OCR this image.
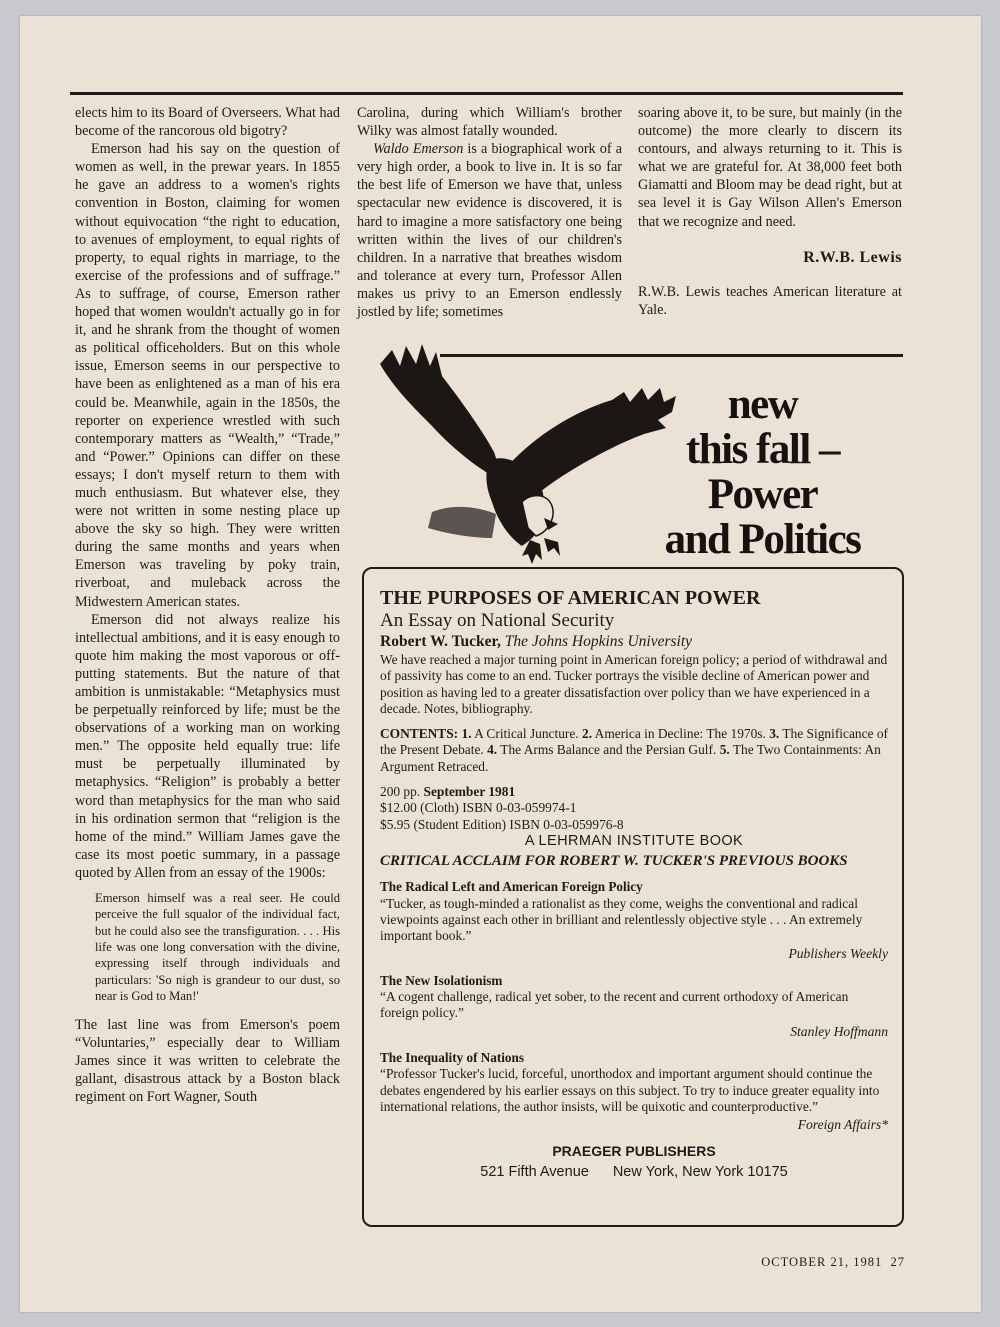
elects him to its Board of Overseers. What had become of the rancorous old bigotry?

Emerson had his say on the question of women as well, in the prewar years. In 1855 he gave an address to a women's rights convention in Boston, claiming for women without equivocation “the right to education, to avenues of employment, to equal rights of property, to equal rights in marriage, to the exercise of the professions and of suffrage.” As to suffrage, of course, Emerson rather hoped that women wouldn't actually go in for it, and he shrank from the thought of women as political officeholders. But on this whole issue, Emerson seems in our perspective to have been as enlightened as a man of his era could be. Meanwhile, again in the 1850s, the reporter on experience wrestled with such contemporary matters as “Wealth,” “Trade,” and “Power.” Opinions can differ on these essays; I don't myself return to them with much enthusiasm. But whatever else, they were not written in some nesting place up above the sky so high. They were written during the same months and years when Emerson was traveling by poky train, riverboat, and muleback across the Midwestern American states.

Emerson did not always realize his intellectual ambitions, and it is easy enough to quote him making the most vaporous or off-putting statements. But the nature of that ambition is unmistakable: “Metaphysics must be perpetually reinforced by life; must be the observations of a working man on working men.” The opposite held equally true: life must be perpetually illuminated by metaphysics. “Religion” is probably a better word than metaphysics for the man who said in his ordination sermon that “religion is the home of the mind.” William James gave the case its most poetic summary, in a passage quoted by Allen from an essay of the 1900s:

Emerson himself was a real seer. He could perceive the full squalor of the individual fact, but he could also see the transfiguration. . . . His life was one long conversation with the divine, expressing itself through individuals and particulars: 'So nigh is grandeur to our dust, so near is God to Man!'

The last line was from Emerson's poem “Voluntaries,” especially dear to William James since it was written to celebrate the gallant, disastrous attack by a Boston black regiment on Fort Wagner, South

Carolina, during which William's brother Wilky was almost fatally wounded.

Waldo Emerson is a biographical work of a very high order, a book to live in. It is so far the best life of Emerson we have that, unless spectacular new evidence is discovered, it is hard to imagine a more satisfactory one being written within the lives of our children's children. In a narrative that breathes wisdom and tolerance at every turn, Professor Allen makes us privy to an Emerson endlessly jostled by life; sometimes

soaring above it, to be sure, but mainly (in the outcome) the more clearly to discern its contours, and always returning to it. This is what we are grateful for. At 38,000 feet both Giamatti and Bloom may be dead right, but at sea level it is Gay Wilson Allen's Emerson that we recognize and need.

R.W.B. Lewis

R.W.B. Lewis teaches American literature at Yale.

new
this fall –
Power
and Politics

THE PURPOSES OF AMERICAN POWER

An Essay on National Security

Robert W. Tucker, The Johns Hopkins University

We have reached a major turning point in American foreign policy; a period of withdrawal and of passivity has come to an end. Tucker portrays the visible decline of American power and position as having led to a greater dissatisfaction over policy than we have experienced in a decade. Notes, bibliography.

CONTENTS: 1. A Critical Juncture. 2. America in Decline: The 1970s. 3. The Significance of the Present Debate. 4. The Arms Balance and the Persian Gulf. 5. The Two Containments: An Argument Retraced.

200 pp. September 1981

$12.00 (Cloth) ISBN 0-03-059974-1

$5.95 (Student Edition) ISBN 0-03-059976-8

A LEHRMAN INSTITUTE BOOK

CRITICAL ACCLAIM FOR ROBERT W. TUCKER'S PREVIOUS BOOKS

The Radical Left and American Foreign Policy

“Tucker, as tough-minded a rationalist as they come, weighs the conventional and radical viewpoints against each other in brilliant and relentlessly objective style . . . An extremely important book.”

Publishers Weekly

The New Isolationism

“A cogent challenge, radical yet sober, to the recent and current orthodoxy of American foreign policy.”

Stanley Hoffmann

The Inequality of Nations

“Professor Tucker's lucid, forceful, unorthodox and important argument should continue the debates engendered by his earlier essays on this subject. To try to induce greater equality into international relations, the author insists, will be quixotic and counterproductive.”

Foreign Affairs*

PRAEGER PUBLISHERS

521 Fifth Avenue New York, New York 10175

OCTOBER 21, 1981 27
